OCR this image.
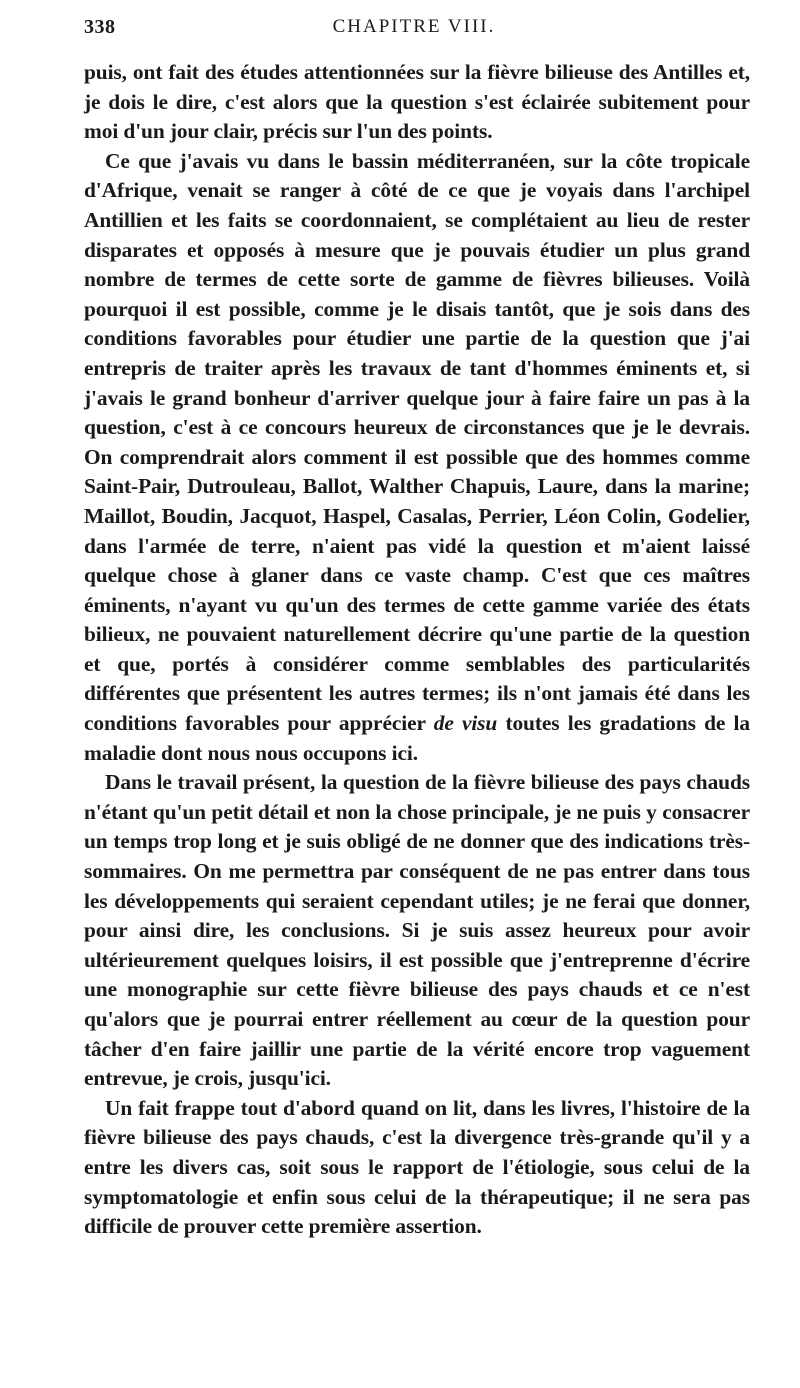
338	CHAPITRE VIII.

puis, ont fait des études attentionnées sur la fièvre bilieuse des Antilles et, je dois le dire, c'est alors que la question s'est éclairée subitement pour moi d'un jour clair, précis sur l'un des points.

Ce que j'avais vu dans le bassin méditerranéen, sur la côte tropicale d'Afrique, venait se ranger à côté de ce que je voyais dans l'archipel Antillien et les faits se coordonnaient, se complétaient au lieu de rester disparates et opposés à mesure que je pouvais étudier un plus grand nombre de termes de cette sorte de gamme de fièvres bilieuses. Voilà pourquoi il est possible, comme je le disais tantôt, que je sois dans des conditions favorables pour étudier une partie de la question que j'ai entrepris de traiter après les travaux de tant d'hommes éminents et, si j'avais le grand bonheur d'arriver quelque jour à faire faire un pas à la question, c'est à ce concours heureux de circonstances que je le devrais. On comprendrait alors comment il est possible que des hommes comme Saint-Pair, Dutrouleau, Ballot, Walther Chapuis, Laure, dans la marine; Maillot, Boudin, Jacquot, Haspel, Casalas, Perrier, Léon Colin, Godelier, dans l'armée de terre, n'aient pas vidé la question et m'aient laissé quelque chose à glaner dans ce vaste champ. C'est que ces maîtres éminents, n'ayant vu qu'un des termes de cette gamme variée des états bilieux, ne pouvaient naturellement décrire qu'une partie de la question et que, portés à considérer comme semblables des particularités différentes que présentent les autres termes; ils n'ont jamais été dans les conditions favorables pour apprécier de visu toutes les gradations de la maladie dont nous nous occupons ici.

Dans le travail présent, la question de la fièvre bilieuse des pays chauds n'étant qu'un petit détail et non la chose principale, je ne puis y consacrer un temps trop long et je suis obligé de ne donner que des indications très-sommaires. On me permettra par conséquent de ne pas entrer dans tous les développements qui seraient cependant utiles; je ne ferai que donner, pour ainsi dire, les conclusions. Si je suis assez heureux pour avoir ultérieurement quelques loisirs, il est possible que j'entreprenne d'écrire une monographie sur cette fièvre bilieuse des pays chauds et ce n'est qu'alors que je pourrai entrer réellement au cœur de la question pour tâcher d'en faire jaillir une partie de la vérité encore trop vaguement entrevue, je crois, jusqu'ici.

Un fait frappe tout d'abord quand on lit, dans les livres, l'histoire de la fièvre bilieuse des pays chauds, c'est la divergence très-grande qu'il y a entre les divers cas, soit sous le rapport de l'étiologie, sous celui de la symptomatologie et enfin sous celui de la thérapeutique; il ne sera pas difficile de prouver cette première assertion.
